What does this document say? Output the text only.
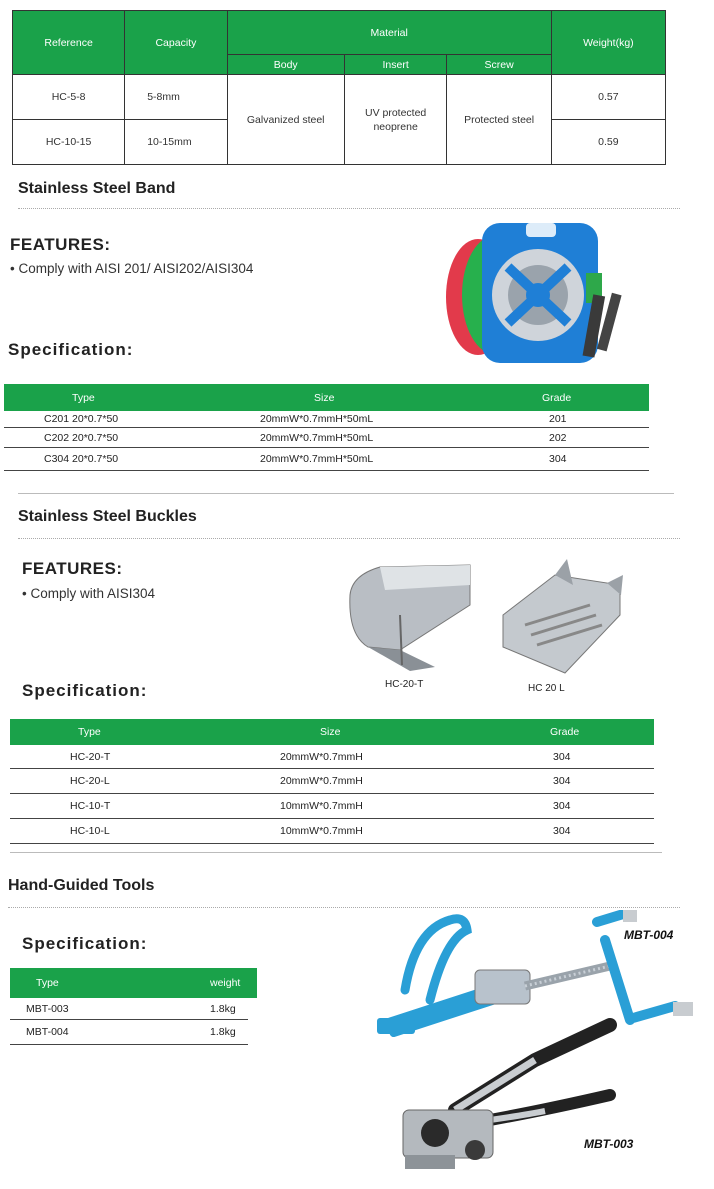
Reference	Capacity	Material			Weight(kg)
		Body	Insert	Screw	
HC-5-8	5-8mm	Galvanized steel	UV protected neoprene	Protected steel	0.57
HC-10-15	10-15mm				0.59
Stainless Steel Band
FEATURES:
• Comply with AISI 201/ AISI202/AISI304
Specification:
Type	Size	Grade
C201 20*0.7*50	20mmW*0.7mmH*50mL	201
C202 20*0.7*50	20mmW*0.7mmH*50mL	202
C304 20*0.7*50	20mmW*0.7mmH*50mL	304
Stainless Steel Buckles
FEATURES:
• Comply with AISI304
HC-20-T	HC 20 L
Specification:
Type	Size	Grade
HC-20-T	20mmW*0.7mmH	304
HC-20-L	20mmW*0.7mmH	304
HC-10-T	10mmW*0.7mmH	304
HC-10-L	10mmW*0.7mmH	304
Hand-Guided Tools
Specification:
Type	weight
MBT-003	1.8kg
MBT-004	1.8kg
MBT-004
MBT-003
